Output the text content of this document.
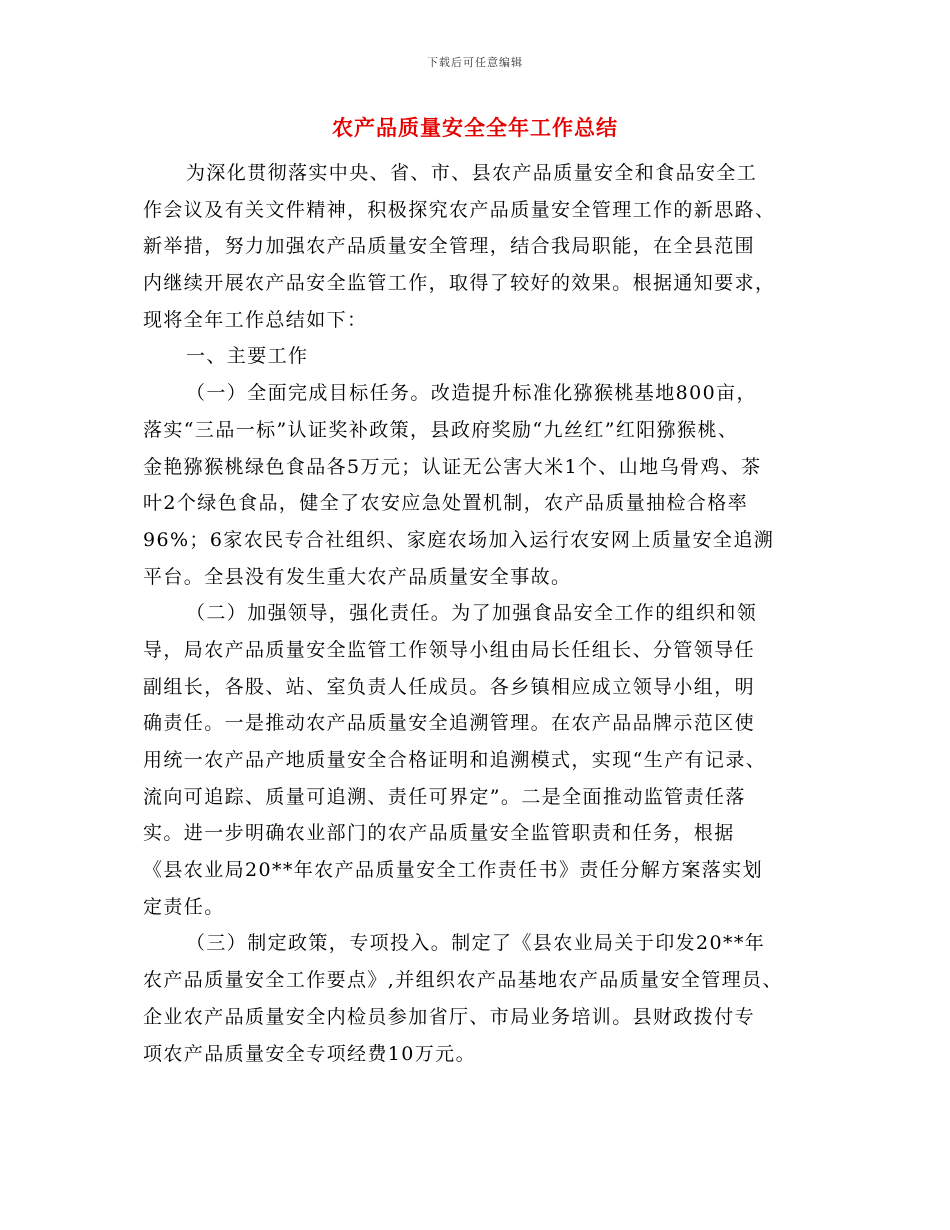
下载后可任意编辑
农产品质量安全全年工作总结
为深化贯彻落实中央、省、市、县农产品质量安全和食品安全工
作会议及有关文件精神，积极探究农产品质量安全管理工作的新思路、
新举措，努力加强农产品质量安全管理，结合我局职能，在全县范围
内继续开展农产品安全监管工作，取得了较好的效果。根据通知要求，
现将全年工作总结如下：
一、主要工作
（一）全面完成目标任务。改造提升标准化猕猴桃基地800亩，
落实“三品一标”认证奖补政策，县政府奖励“九丝红”红阳猕猴桃、
金艳猕猴桃绿色食品各5万元；认证无公害大米1个、山地乌骨鸡、茶
叶2个绿色食品，健全了农安应急处置机制，农产品质量抽检合格率
96%；6家农民专合社组织、家庭农场加入运行农安网上质量安全追溯
平台。全县没有发生重大农产品质量安全事故。
（二）加强领导，强化责任。为了加强食品安全工作的组织和领
导，局农产品质量安全监管工作领导小组由局长任组长、分管领导任
副组长，各股、站、室负责人任成员。各乡镇相应成立领导小组，明
确责任。一是推动农产品质量安全追溯管理。在农产品品牌示范区使
用统一农产品产地质量安全合格证明和追溯模式，实现“生产有记录、
流向可追踪、质量可追溯、责任可界定”。二是全面推动监管责任落
实。进一步明确农业部门的农产品质量安全监管职责和任务，根据
《县农业局20**年农产品质量安全工作责任书》责任分解方案落实划
定责任。
（三）制定政策，专项投入。制定了《县农业局关于印发20**年
农产品质量安全工作要点》,并组织农产品基地农产品质量安全管理员、
企业农产品质量安全内检员参加省厅、市局业务培训。县财政拨付专
项农产品质量安全专项经费10万元。
